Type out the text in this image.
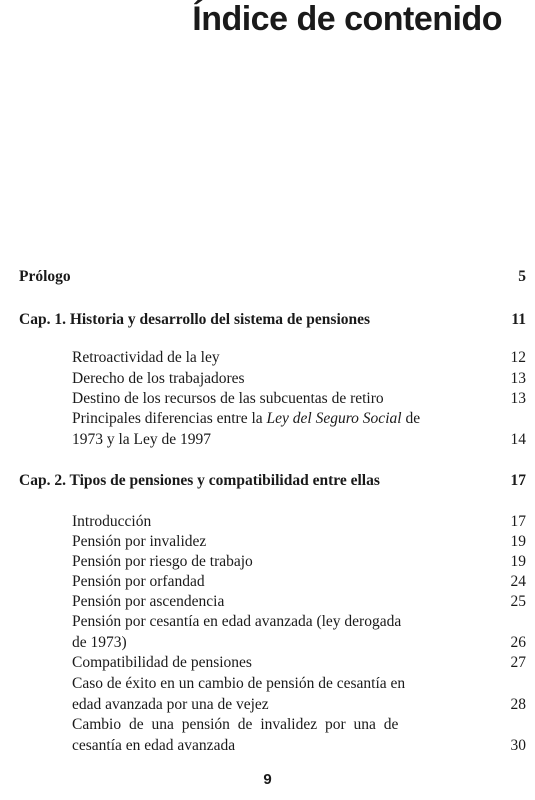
Índice de contenido
Prólogo	5
Cap. 1. Historia y desarrollo del sistema de pensiones	11
Retroactividad de la ley	12
Derecho de los trabajadores	13
Destino de los recursos de las subcuentas de retiro	13
Principales diferencias entre la Ley del Seguro Social de
1973 y la Ley de 1997	14
Cap. 2. Tipos de pensiones y compatibilidad entre ellas	17
Introducción	17
Pensión por invalidez	19
Pensión por riesgo de trabajo	19
Pensión por orfandad	24
Pensión por ascendencia	25
Pensión por cesantía en edad avanzada (ley derogada
de 1973)	26
Compatibilidad de pensiones	27
Caso de éxito en un cambio de pensión de cesantía en
edad avanzada por una de vejez	28
Cambio de una pensión de invalidez por una de
cesantía en edad avanzada	30
9
